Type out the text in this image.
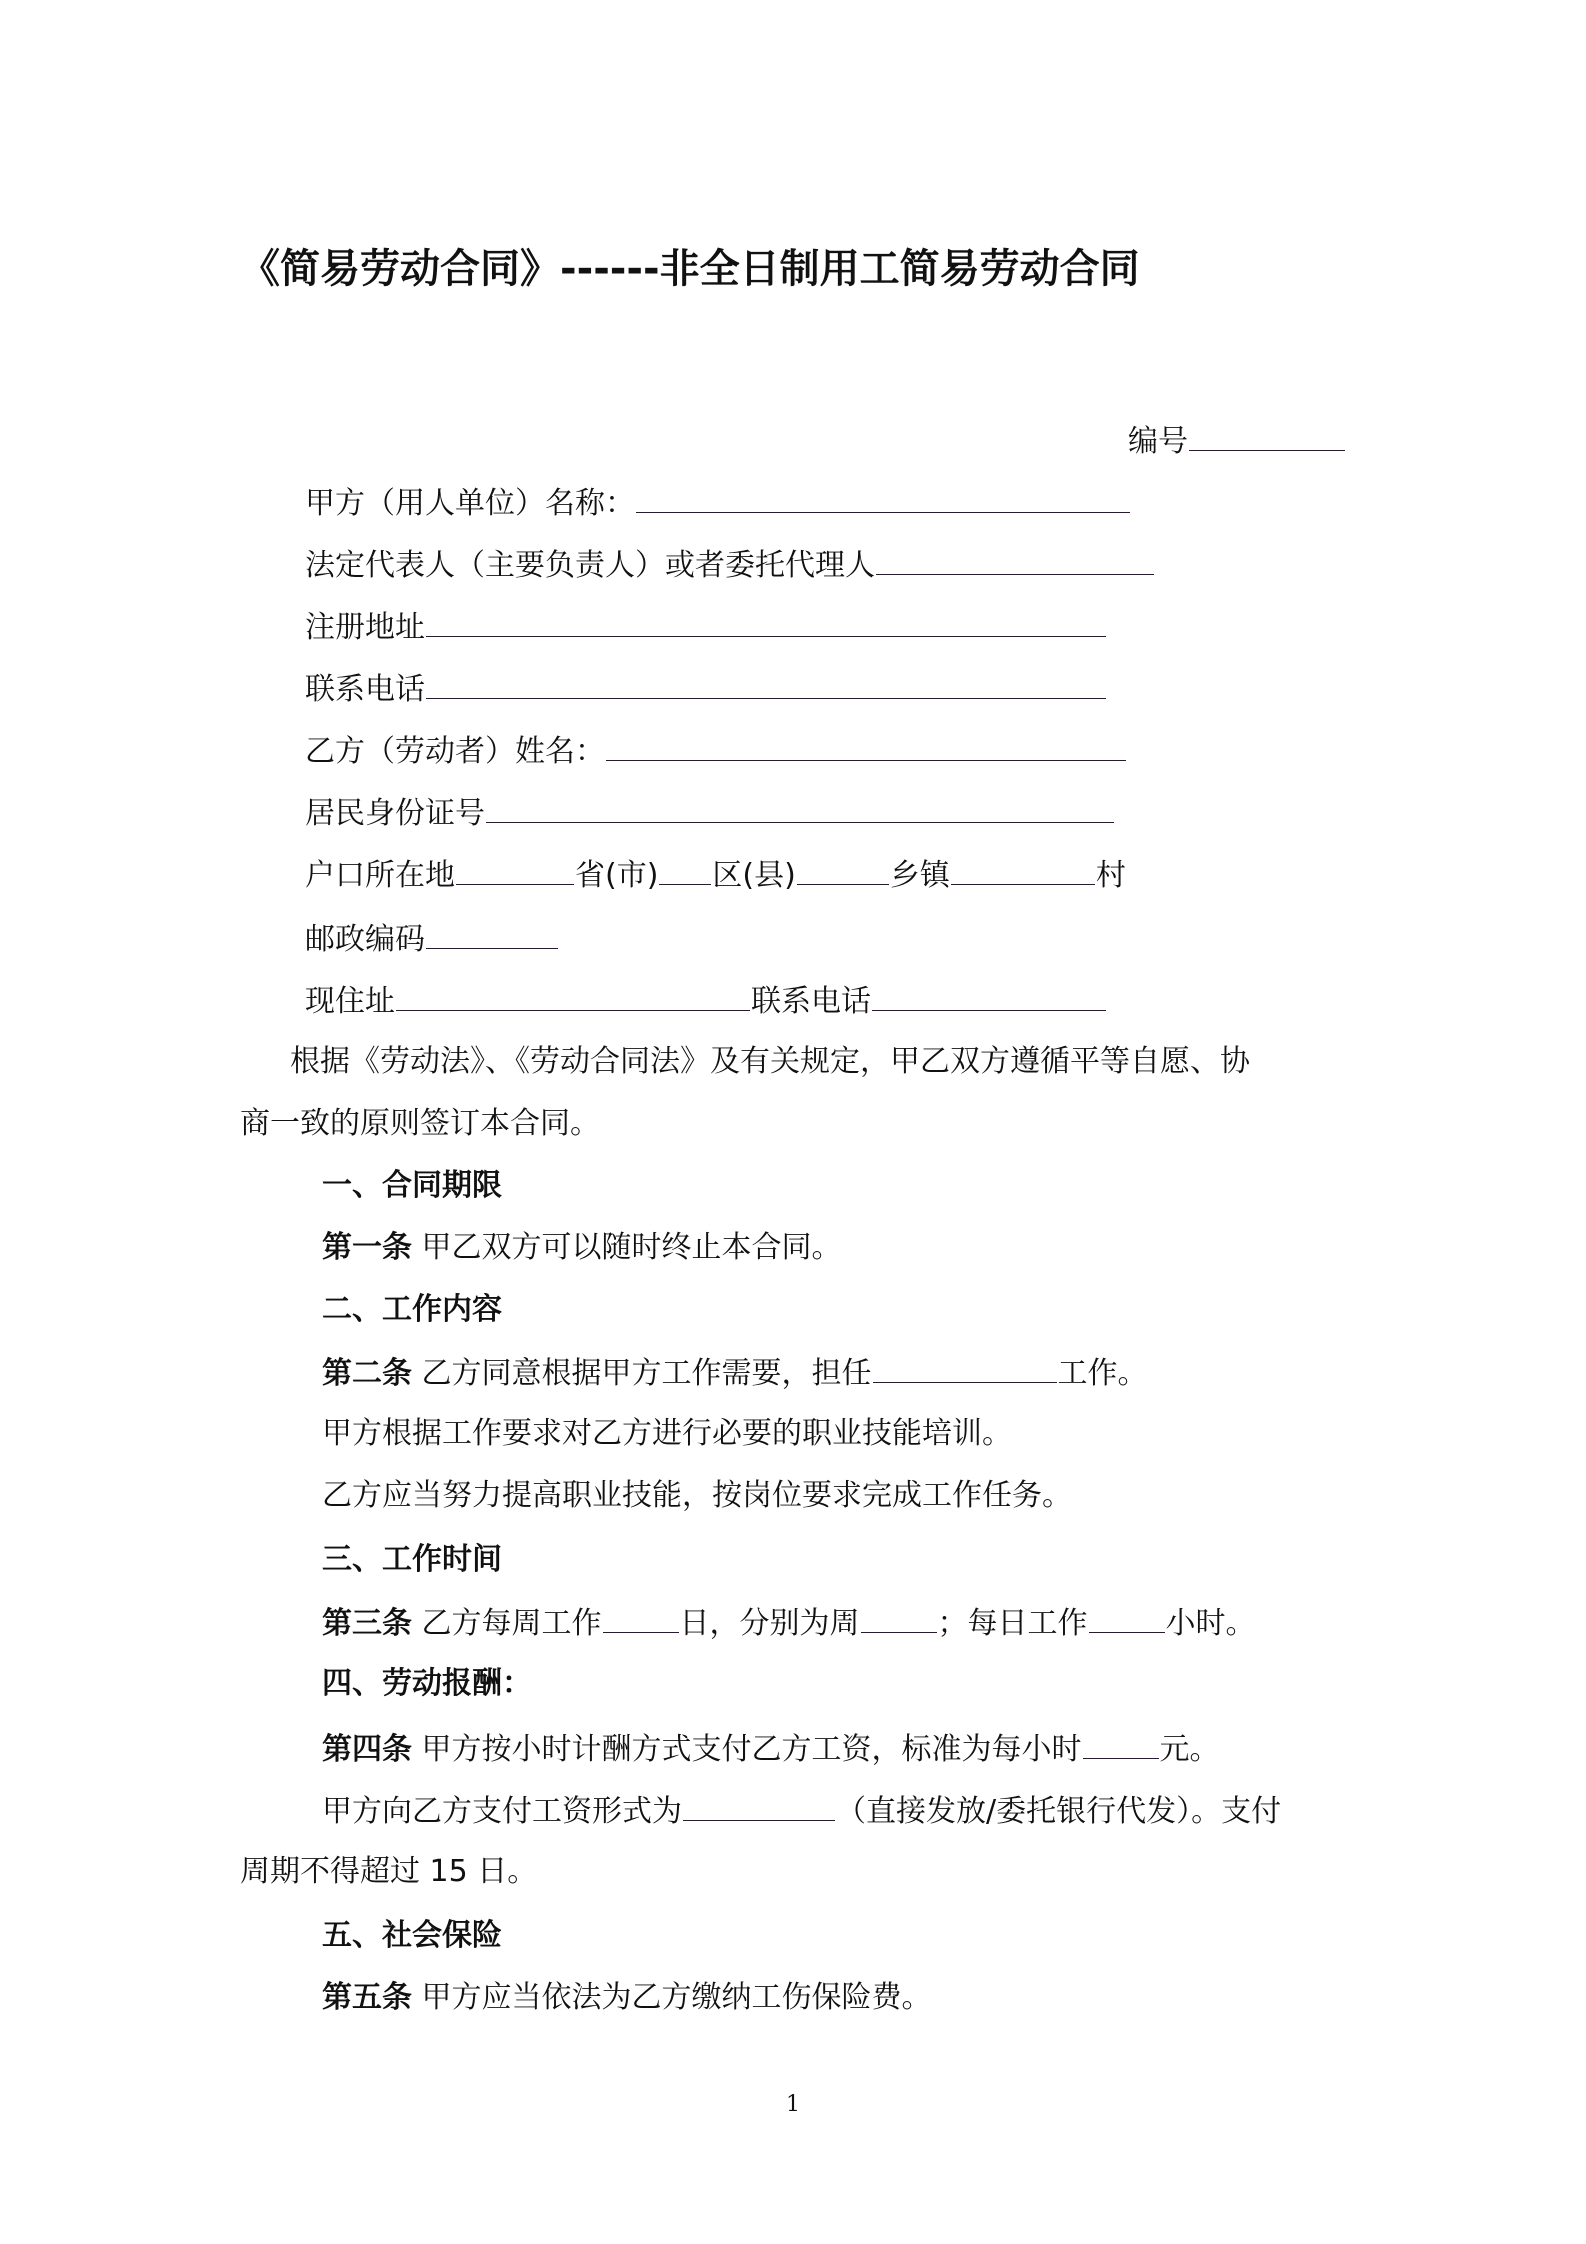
《简易劳动合同》------非全日制用工简易劳动合同
编号
甲方（用人单位）名称：
法定代表人（主要负责人）或者委托代理人
注册地址
联系电话
乙方（劳动者）姓名：
居民身份证号
户口所在地	省(市) 区(县)	乡镇	村
邮政编码
现住址	联系电话
根据《劳动法》、《劳动合同法》及有关规定，甲乙双方遵循平等自愿、协
商一致的原则签订本合同。
一、合同期限
第一条 甲乙双方可以随时终止本合同。
二、工作内容
第二条 乙方同意根据甲方工作需要，担任	工作。
甲方根据工作要求对乙方进行必要的职业技能培训。
乙方应当努力提高职业技能，按岗位要求完成工作任务。
三、工作时间
第三条 乙方每周工作	日，分别为周	；每日工作	小时。
四、劳动报酬：
第四条 甲方按小时计酬方式支付乙方工资，标准为每小时	元。
甲方向乙方支付工资形式为	（直接发放/委托银行代发）。支付
周期不得超过 15 日。
五、社会保险
第五条 甲方应当依法为乙方缴纳工伤保险费。
1
